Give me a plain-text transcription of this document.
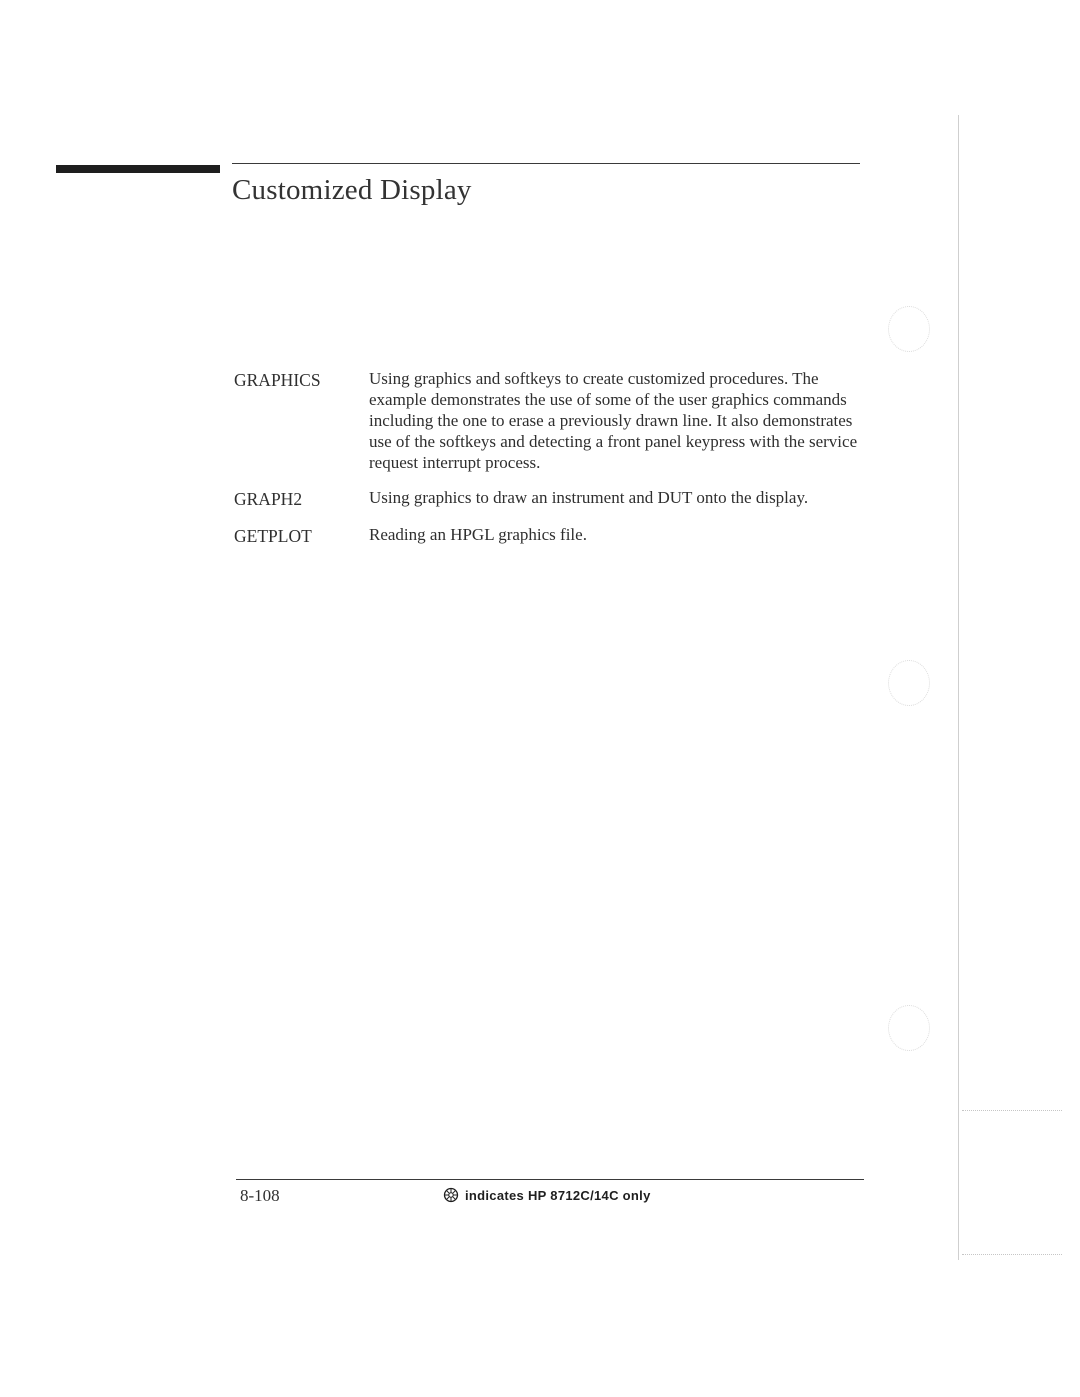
Customized Display
GRAPHICS	Using graphics and softkeys to create customized procedures. The example demonstrates the use of some of the user graphics commands including the one to erase a previously drawn line. It also demonstrates use of the softkeys and detecting a front panel keypress with the service request interrupt process.
GRAPH2	Using graphics to draw an instrument and DUT onto the display.
GETPLOT	Reading an HPGL graphics file.
8-108	indicates HP 8712C/14C only
